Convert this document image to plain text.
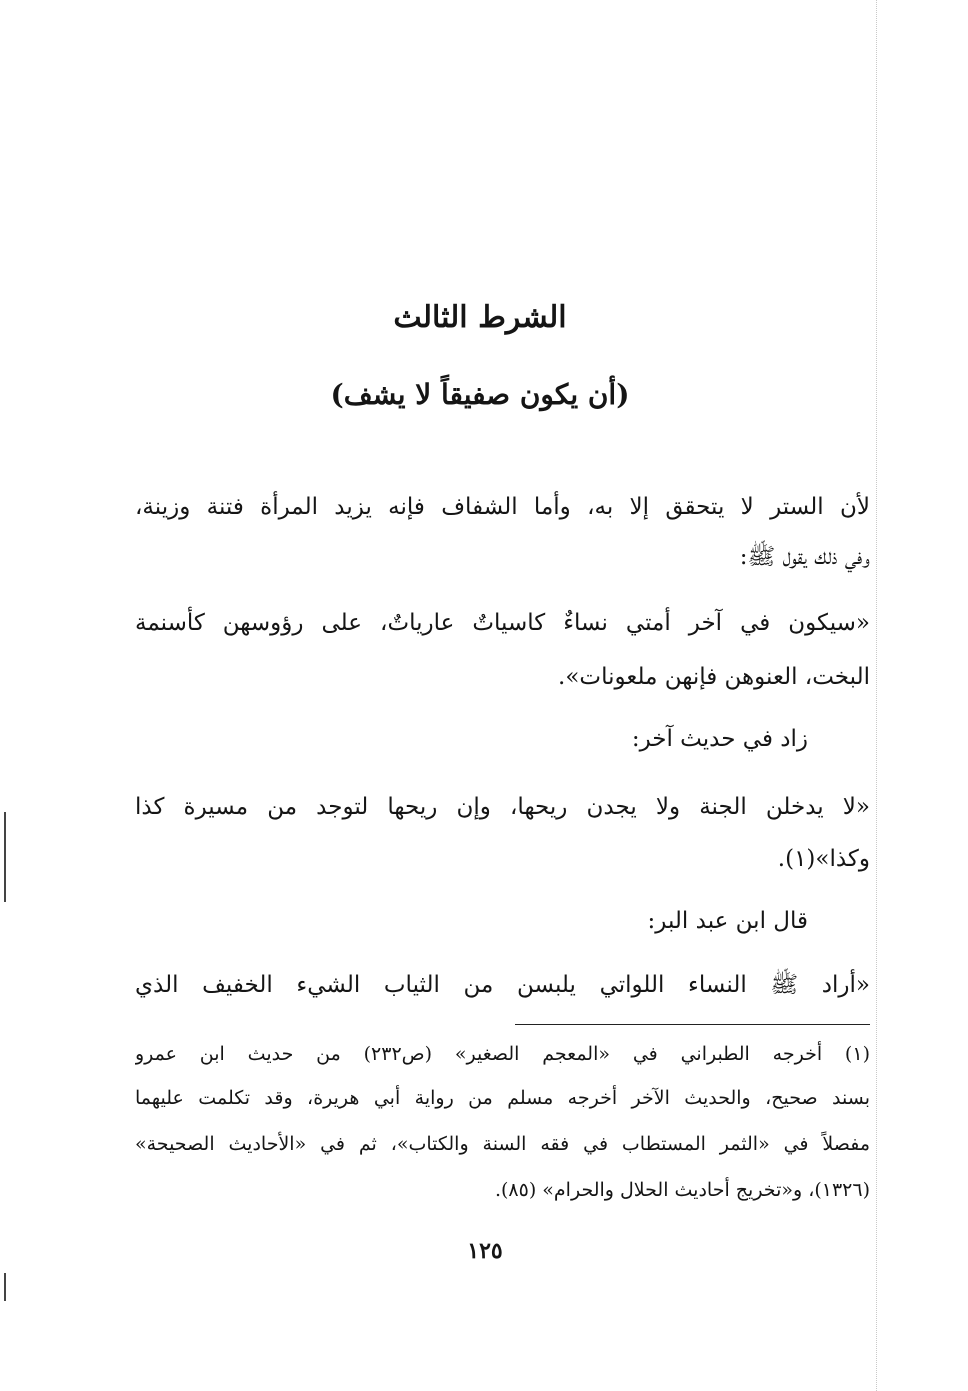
الشرط الثالث
(أن يكون صفيقاً لا يشف)
لأن الستر لا يتحقق إلا به، وأما الشفاف فإنه يزيد المرأة فتنة وزينة،
وفي ذلك يقول ﷺ:
«سيكون في آخر أمتي نساءٌ كاسياتٌ عارياتٌ، على رؤوسهن كأسنمة
البخت، العنوهن فإنهن ملعونات».
زاد في حديث آخر:
«لا يدخلن الجنة ولا يجدن ريحها، وإن ريحها لتوجد من مسيرة كذا
وكذا»(١).
قال ابن عبد البر:
«أراد ﷺ النساء اللواتي يلبسن من الثياب الشيء الخفيف الذي
(١) أخرجه الطبراني في «المعجم الصغير» (ص٢٣٢) من حديث ابن عمرو
بسند صحيح، والحديث الآخر أخرجه مسلم من رواية أبي هريرة، وقد تكلمت عليهما
مفصلاً في «الثمر المستطاب في فقه السنة والكتاب»، ثم في «الأحاديث الصحيحة»
(١٣٢٦)، و«تخريج أحاديث الحلال والحرام» (٨٥).
١٢٥
